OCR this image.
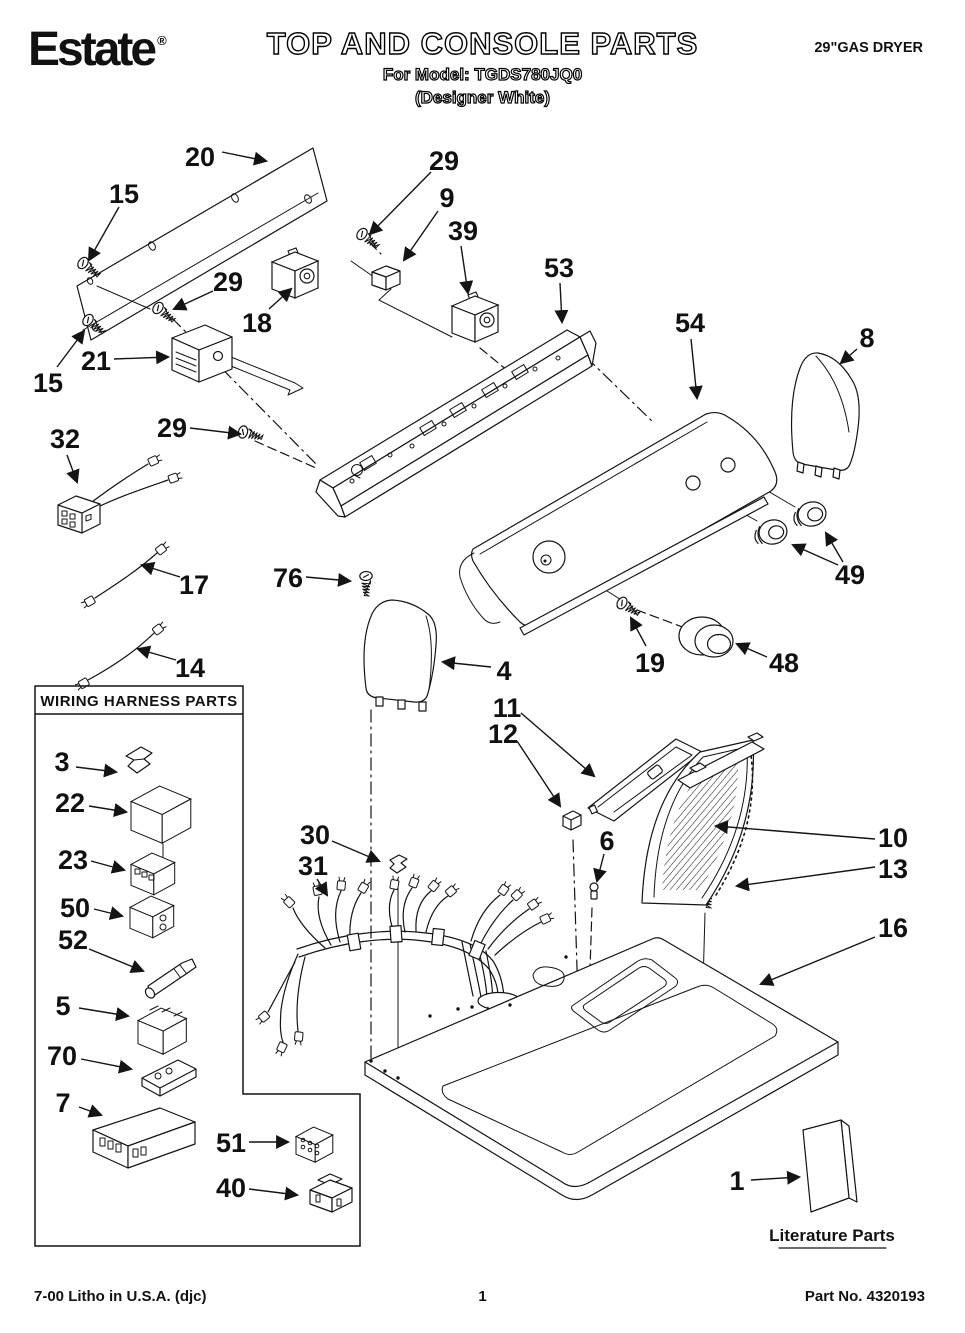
20
15
29
15
21
18
29
9
39
53
54	8
49
48
19
32	29
17
14
76
4
11
12
6
30
31
10
13
16
1
Literature Parts
WIRING HARNESS PARTS
3
22
23
50
52
5
70
7
51
40
Estate ®	TOP AND CONSOLE PARTS
For Model: TGDS780JQ0
(Designer White)
29"GAS DRYER
7-00 Litho in U.S.A. (djc)	1	Part No. 4320193
